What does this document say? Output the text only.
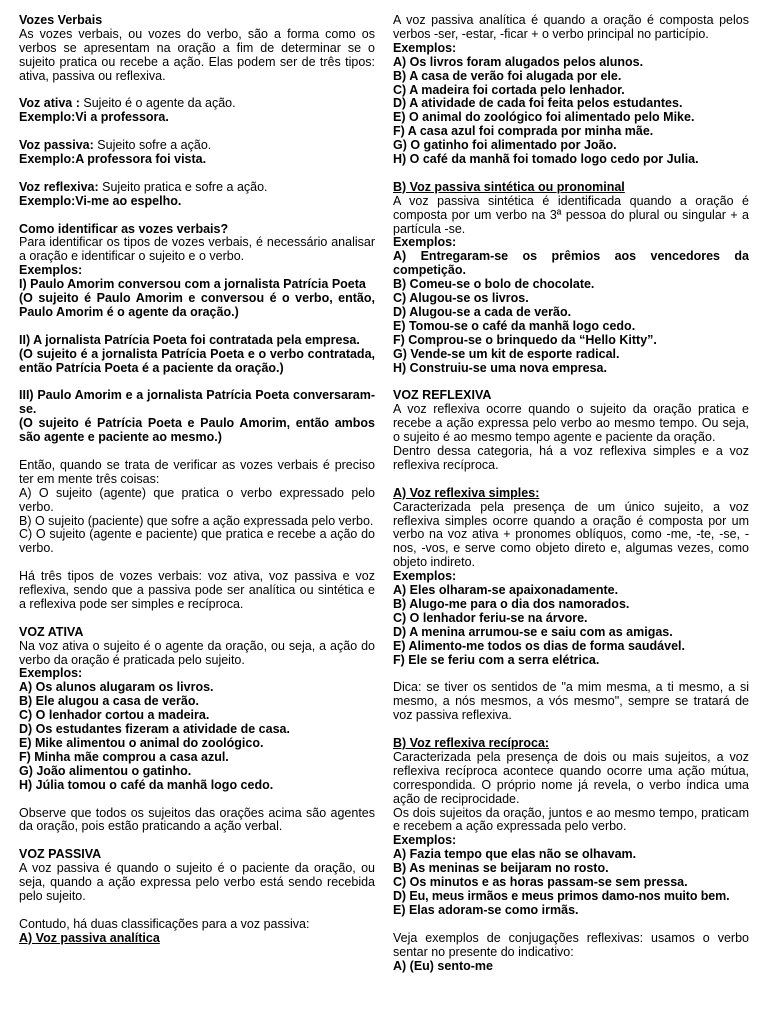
Vozes Verbais

As vozes verbais, ou vozes do verbo, são a forma como os verbos se apresentam na oração a fim de determinar se o sujeito pratica ou recebe a ação. Elas podem ser de três tipos: ativa, passiva ou reflexiva.

Voz ativa : Sujeito é o agente da ação.

Exemplo:Vi a professora.

Voz passiva: Sujeito sofre a ação.

Exemplo:A professora foi vista.

Voz reflexiva: Sujeito pratica e sofre a ação.

Exemplo:Vi-me ao espelho.

Como identificar as vozes verbais?

Para identificar os tipos de vozes verbais, é necessário analisar a oração e identificar o sujeito e o verbo.

Exemplos:

I) Paulo Amorim conversou com a jornalista Patrícia Poeta

(O sujeito é Paulo Amorim e conversou é o verbo, então, Paulo Amorim é o agente da oração.)

II) A jornalista Patrícia Poeta foi contratada pela empresa.

(O sujeito é a jornalista Patrícia Poeta e o verbo contratada, então Patrícia Poeta é a paciente da oração.)

III) Paulo Amorim e a jornalista Patrícia Poeta conversaram-se.

(O sujeito é Patrícia Poeta e Paulo Amorim, então ambos são agente e paciente ao mesmo.)

Então, quando se trata de verificar as vozes verbais é preciso ter em mente três coisas:

A) O sujeito (agente) que pratica o verbo expressado pelo verbo.

B) O sujeito (paciente) que sofre a ação expressada pelo verbo.

C) O sujeito (agente e paciente) que pratica e recebe a ação do verbo.

Há três tipos de vozes verbais: voz ativa, voz passiva e voz reflexiva, sendo que a passiva pode ser analítica ou sintética e a reflexiva pode ser simples e recíproca.

VOZ ATIVA

Na voz ativa o sujeito é o agente da oração, ou seja, a ação do verbo da oração é praticada pelo sujeito.

Exemplos:

A) Os alunos alugaram os livros.

B) Ele alugou a casa de verão.

C) O lenhador cortou a madeira.

D) Os estudantes fizeram a atividade de casa.

E) Mike alimentou o animal do zoológico.

F) Minha mãe comprou a casa azul.

G) João alimentou o gatinho.

H) Júlia tomou o café da manhã logo cedo.

Observe que todos os sujeitos das orações acima são agentes da oração, pois estão praticando a ação verbal.

VOZ PASSIVA

A voz passiva é quando o sujeito é o paciente da oração, ou seja, quando a ação expressa pelo verbo está sendo recebida pelo sujeito.

Contudo, há duas classificações para a voz passiva:

A) Voz passiva analítica

A voz passiva analítica é quando a oração é composta pelos verbos -ser, -estar, -ficar + o verbo principal no particípio.

Exemplos:

A) Os livros foram alugados pelos alunos.

B) A casa de verão foi alugada por ele.

C) A madeira foi cortada pelo lenhador.

D) A atividade de cada foi feita pelos estudantes.

E) O animal do zoológico foi alimentado pelo Mike.

F) A casa azul foi comprada por minha mãe.

G) O gatinho foi alimentado por João.

H) O café da manhã foi tomado logo cedo por Julia.

B) Voz passiva sintética ou pronominal

A voz passiva sintética é identificada quando a oração é composta por um verbo na 3ª pessoa do plural ou singular + a partícula -se.

Exemplos:

A) Entregaram-se os prêmios aos vencedores da competição.

B) Comeu-se o bolo de chocolate.

C) Alugou-se os livros.

D) Alugou-se a cada de verão.

E) Tomou-se o café da manhã logo cedo.

F) Comprou-se o brinquedo da “Hello Kitty”.

G) Vende-se um kit de esporte radical.

H) Construiu-se uma nova empresa.

VOZ REFLEXIVA

A voz reflexiva ocorre quando o sujeito da oração pratica e recebe a ação expressa pelo verbo ao mesmo tempo. Ou seja, o sujeito é ao mesmo tempo agente e paciente da oração.

Dentro dessa categoria, há a voz reflexiva simples e a voz reflexiva recíproca.

A) Voz reflexiva simples:

Caracterizada pela presença de um único sujeito, a voz reflexiva simples ocorre quando a oração é composta por um verbo na voz ativa + pronomes oblíquos, como -me, -te, -se, -nos, -vos, e serve como objeto direto e, algumas vezes, como objeto indireto.

Exemplos:

A) Eles olharam-se apaixonadamente.

B) Alugo-me para o dia dos namorados.

C) O lenhador feriu-se na árvore.

D) A menina arrumou-se e saiu com as amigas.

E) Alimento-me todos os dias de forma saudável.

F) Ele se feriu com a serra elétrica.

Dica: se tiver os sentidos de "a mim mesma, a ti mesmo, a si mesmo, a nós mesmos, a vós mesmo", sempre se tratará de voz passiva reflexiva.

B) Voz reflexiva recíproca:

Caracterizada pela presença de dois ou mais sujeitos, a voz reflexiva recíproca acontece quando ocorre uma ação mútua, correspondida. O próprio nome já revela, o verbo indica uma ação de reciprocidade.

Os dois sujeitos da oração, juntos e ao mesmo tempo, praticam e recebem a ação expressada pelo verbo.

Exemplos:

A) Fazia tempo que elas não se olhavam.

B) As meninas se beijaram no rosto.

C) Os minutos e as horas passam-se sem pressa.

D) Eu, meus irmãos e meus primos damo-nos muito bem.

E) Elas adoram-se como irmãs.

Veja exemplos de conjugações reflexivas: usamos o verbo sentar no presente do indicativo:

A) (Eu) sento-me
